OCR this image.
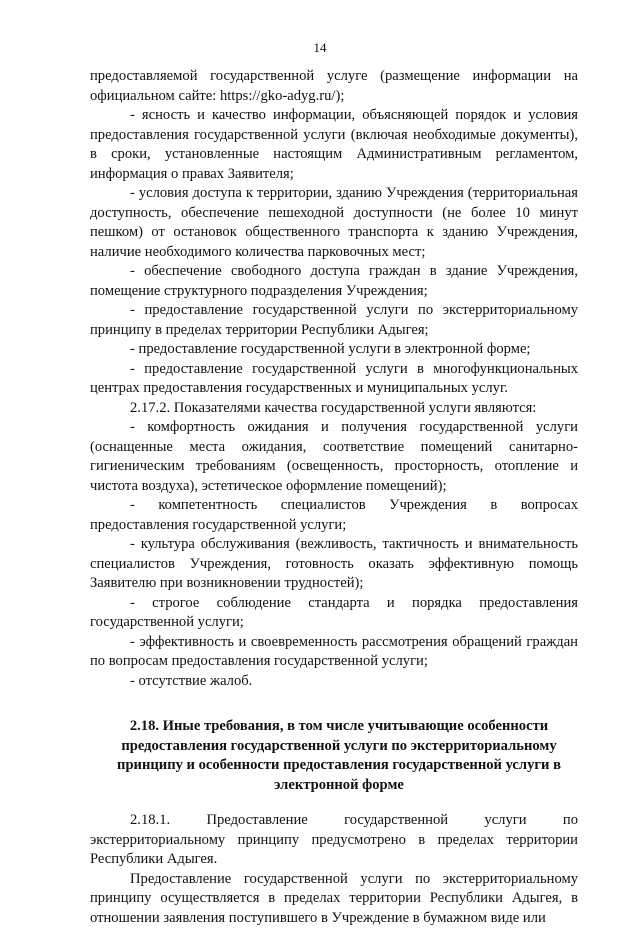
14

предоставляемой государственной услуге (размещение информации на официальном сайте: https://gko-adyg.ru/);

- ясность и качество информации, объясняющей порядок и условия предоставления государственной услуги (включая необходимые документы), в сроки, установленные настоящим Административным регламентом, информация о правах Заявителя;

- условия доступа к территории, зданию Учреждения (территориальная доступность, обеспечение пешеходной доступности (не более 10 минут пешком) от остановок общественного транспорта к зданию Учреждения, наличие необходимого количества парковочных мест;

- обеспечение свободного доступа граждан в здание Учреждения, помещение структурного подразделения Учреждения;

- предоставление государственной услуги по экстерриториальному принципу в пределах территории Республики Адыгея;

- предоставление государственной услуги в электронной форме;

- предоставление государственной услуги в многофункциональных центрах предоставления государственных и муниципальных услуг.

2.17.2. Показателями качества государственной услуги являются:

- комфортность ожидания и получения государственной услуги (оснащенные места ожидания, соответствие помещений санитарно-гигиеническим требованиям (освещенность, просторность, отопление и чистота воздуха), эстетическое оформление помещений);

- компетентность специалистов Учреждения в вопросах предоставления государственной услуги;

- культура обслуживания (вежливость, тактичность и внимательность специалистов Учреждения, готовность оказать эффективную помощь Заявителю при возникновении трудностей);

- строгое соблюдение стандарта и порядка предоставления государственной услуги;

- эффективность и своевременность рассмотрения обращений граждан по вопросам предоставления государственной услуги;

- отсутствие жалоб.

2.18. Иные требования, в том числе учитывающие особенности предоставления государственной услуги по экстерриториальному принципу и особенности предоставления государственной услуги в электронной форме

2.18.1. Предоставление государственной услуги по экстерриториальному принципу предусмотрено в пределах территории Республики Адыгея.

Предоставление государственной услуги по экстерриториальному принципу осуществляется в пределах территории Республики Адыгея, в отношении заявления поступившего в Учреждение в бумажном виде или
